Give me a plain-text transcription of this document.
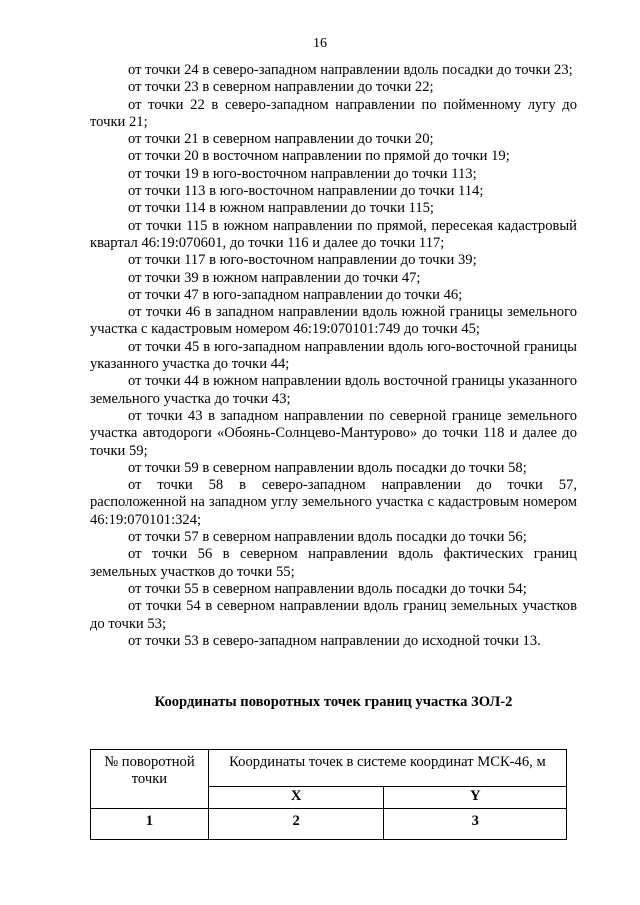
16

от точки 24 в северо-западном направлении вдоль посадки до точки 23;

от точки 23 в северном направлении до точки 22;

от точки 22 в северо-западном направлении по пойменному лугу до точки 21;

от точки 21 в северном направлении до точки 20;

от точки 20 в восточном направлении по прямой до точки 19;

от точки 19 в юго-восточном направлении до точки 113;

от точки 113 в юго-восточном направлении до точки 114;

от точки 114 в южном направлении до точки 115;

от точки 115 в южном направлении по прямой, пересекая кадастровый квартал 46:19:070601, до точки 116 и далее до точки 117;

от точки 117 в юго-восточном направлении до точки 39;

от точки 39 в южном направлении до точки 47;

от точки 47 в юго-западном направлении до точки 46;

от точки 46 в западном направлении вдоль южной границы земельного участка с кадастровым номером 46:19:070101:749 до точки 45;

от точки 45 в юго-западном направлении вдоль юго-восточной границы указанного участка до точки 44;

от точки 44 в южном направлении вдоль восточной границы указанного земельного участка до точки 43;

от точки 43 в западном направлении по северной границе земельного участка автодороги «Обоянь-Солнцево-Мантурово» до точки 118 и далее до точки 59;

от точки 59 в северном направлении вдоль посадки до точки 58;

от точки 58 в северо-западном направлении до точки 57, расположенной на западном углу земельного участка с кадастровым номером 46:19:070101:324;

от точки 57 в северном направлении вдоль посадки до точки 56;

от точки 56 в северном направлении вдоль фактических границ земельных участков до точки 55;

от точки 55 в северном направлении вдоль посадки до точки 54;

от точки 54 в северном направлении вдоль границ земельных участков до точки 53;

от точки 53 в северо-западном направлении до исходной точки 13.

Координаты поворотных точек границ участка ЗОЛ-2
№ поворотной точки	Координаты точек в системе координат МСК-46, м	
	X	Y
1	2	3
